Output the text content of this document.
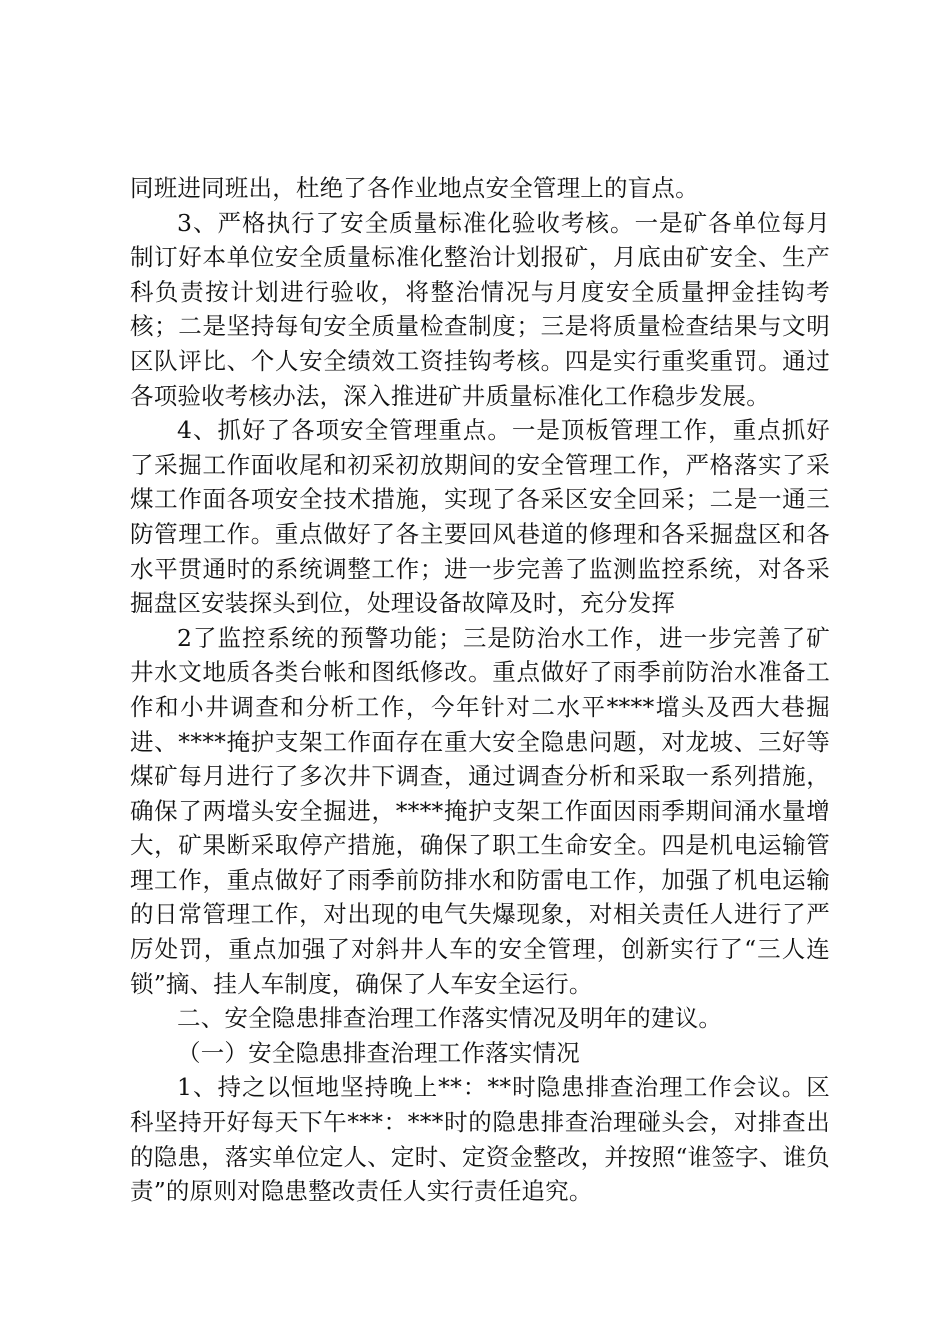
同班进同班出，杜绝了各作业地点安全管理上的盲点。

3、严格执行了安全质量标准化验收考核。一是矿各单位每月制订好本单位安全质量标准化整治计划报矿，月底由矿安全、生产科负责按计划进行验收，将整治情况与月度安全质量押金挂钩考核；二是坚持每旬安全质量检查制度；三是将质量检查结果与文明区队评比、个人安全绩效工资挂钩考核。四是实行重奖重罚。通过各项验收考核办法，深入推进矿井质量标准化工作稳步发展。

4、抓好了各项安全管理重点。一是顶板管理工作，重点抓好了采掘工作面收尾和初采初放期间的安全管理工作，严格落实了采煤工作面各项安全技术措施，实现了各采区安全回采；二是一通三防管理工作。重点做好了各主要回风巷道的修理和各采掘盘区和各水平贯通时的系统调整工作；进一步完善了监测监控系统，对各采掘盘区安装探头到位，处理设备故障及时，充分发挥

2了监控系统的预警功能；三是防治水工作，进一步完善了矿井水文地质各类台帐和图纸修改。重点做好了雨季前防治水准备工作和小井调查和分析工作，今年针对二水平****壋头及西大巷掘进、****掩护支架工作面存在重大安全隐患问题，对龙坡、三好等煤矿每月进行了多次井下调查，通过调查分析和采取一系列措施，确保了两壋头安全掘进，****掩护支架工作面因雨季期间涌水量增大，矿果断采取停产措施，确保了职工生命安全。四是机电运输管理工作，重点做好了雨季前防排水和防雷电工作，加强了机电运输的日常管理工作，对出现的电气失爆现象，对相关责任人进行了严厉处罚，重点加强了对斜井人车的安全管理，创新实行了“三人连锁”摘、挂人车制度，确保了人车安全运行。

二、安全隐患排查治理工作落实情况及明年的建议。

（一）安全隐患排查治理工作落实情况

1、持之以恒地坚持晚上**：**时隐患排查治理工作会议。区科坚持开好每天下午***：***时的隐患排查治理碰头会，对排查出的隐患，落实单位定人、定时、定资金整改，并按照“谁签字、谁负责”的原则对隐患整改责任人实行责任追究。
